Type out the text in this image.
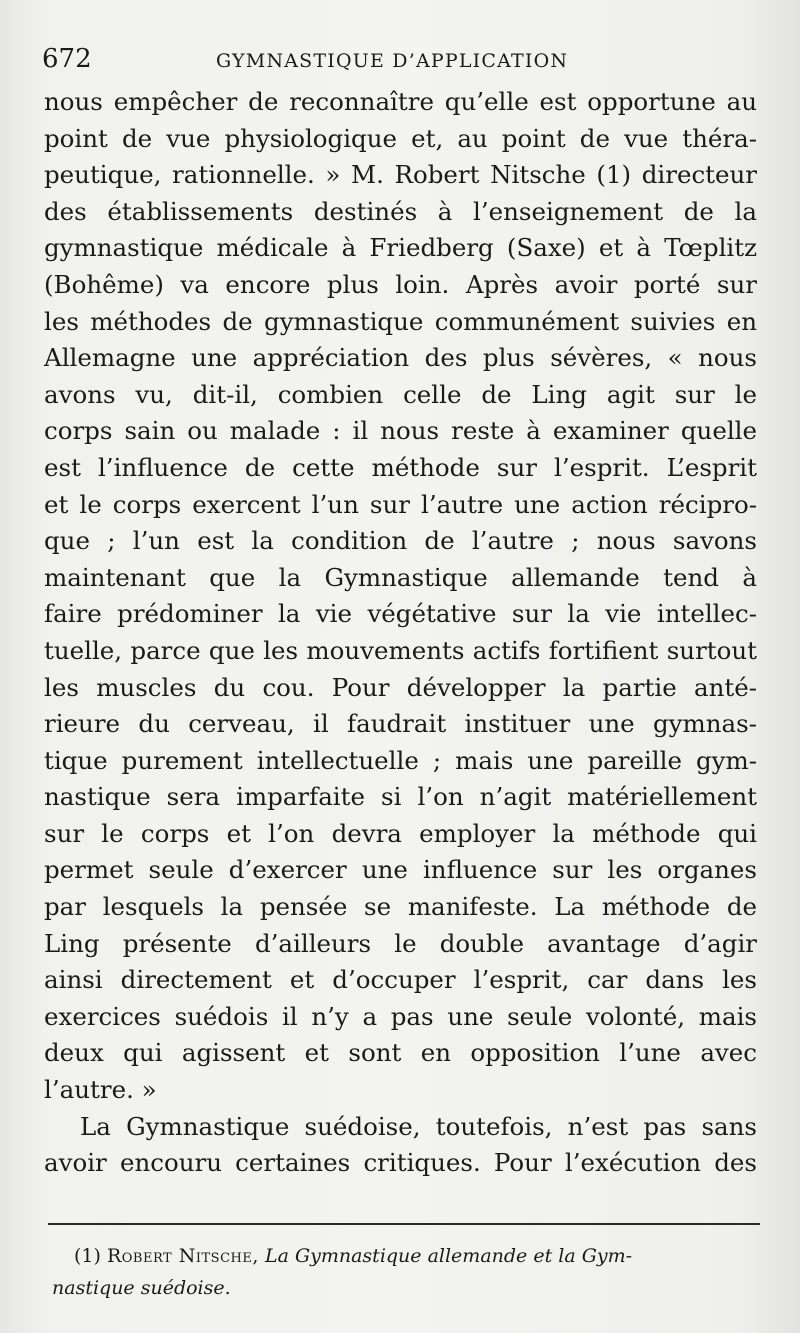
672	GYMNASTIQUE D’APPLICATION
nous empêcher de reconnaître qu’elle est opportune au
point de vue physiologique et, au point de vue théra-
peutique, rationnelle. » M. Robert Nitsche (1) directeur
des établissements destinés à l’enseignement de la
gymnastique médicale à Friedberg (Saxe) et à Tœplitz
(Bohême) va encore plus loin. Après avoir porté sur
les méthodes de gymnastique communément suivies en
Allemagne une appréciation des plus sévères, « nous
avons vu, dit-il, combien celle de Ling agit sur le
corps sain ou malade : il nous reste à examiner quelle
est l’influence de cette méthode sur l’esprit. L’esprit
et le corps exercent l’un sur l’autre une action récipro-
que ; l’un est la condition de l’autre ; nous savons
maintenant que la Gymnastique allemande tend à
faire prédominer la vie végétative sur la vie intellec-
tuelle, parce que les mouvements actifs fortifient surtout
les muscles du cou. Pour développer la partie anté-
rieure du cerveau, il faudrait instituer une gymnas-
tique purement intellectuelle ; mais une pareille gym-
nastique sera imparfaite si l’on n’agit matériellement
sur le corps et l’on devra employer la méthode qui
permet seule d’exercer une influence sur les organes
par lesquels la pensée se manifeste. La méthode de
Ling présente d’ailleurs le double avantage d’agir
ainsi directement et d’occuper l’esprit, car dans les
exercices suédois il n’y a pas une seule volonté, mais
deux qui agissent et sont en opposition l’une avec
l’autre. »
La Gymnastique suédoise, toutefois, n’est pas sans
avoir encouru certaines critiques. Pour l’exécution des
(1) Robert Nitsche, La Gymnastique allemande et la Gym-
nastique suédoise.
